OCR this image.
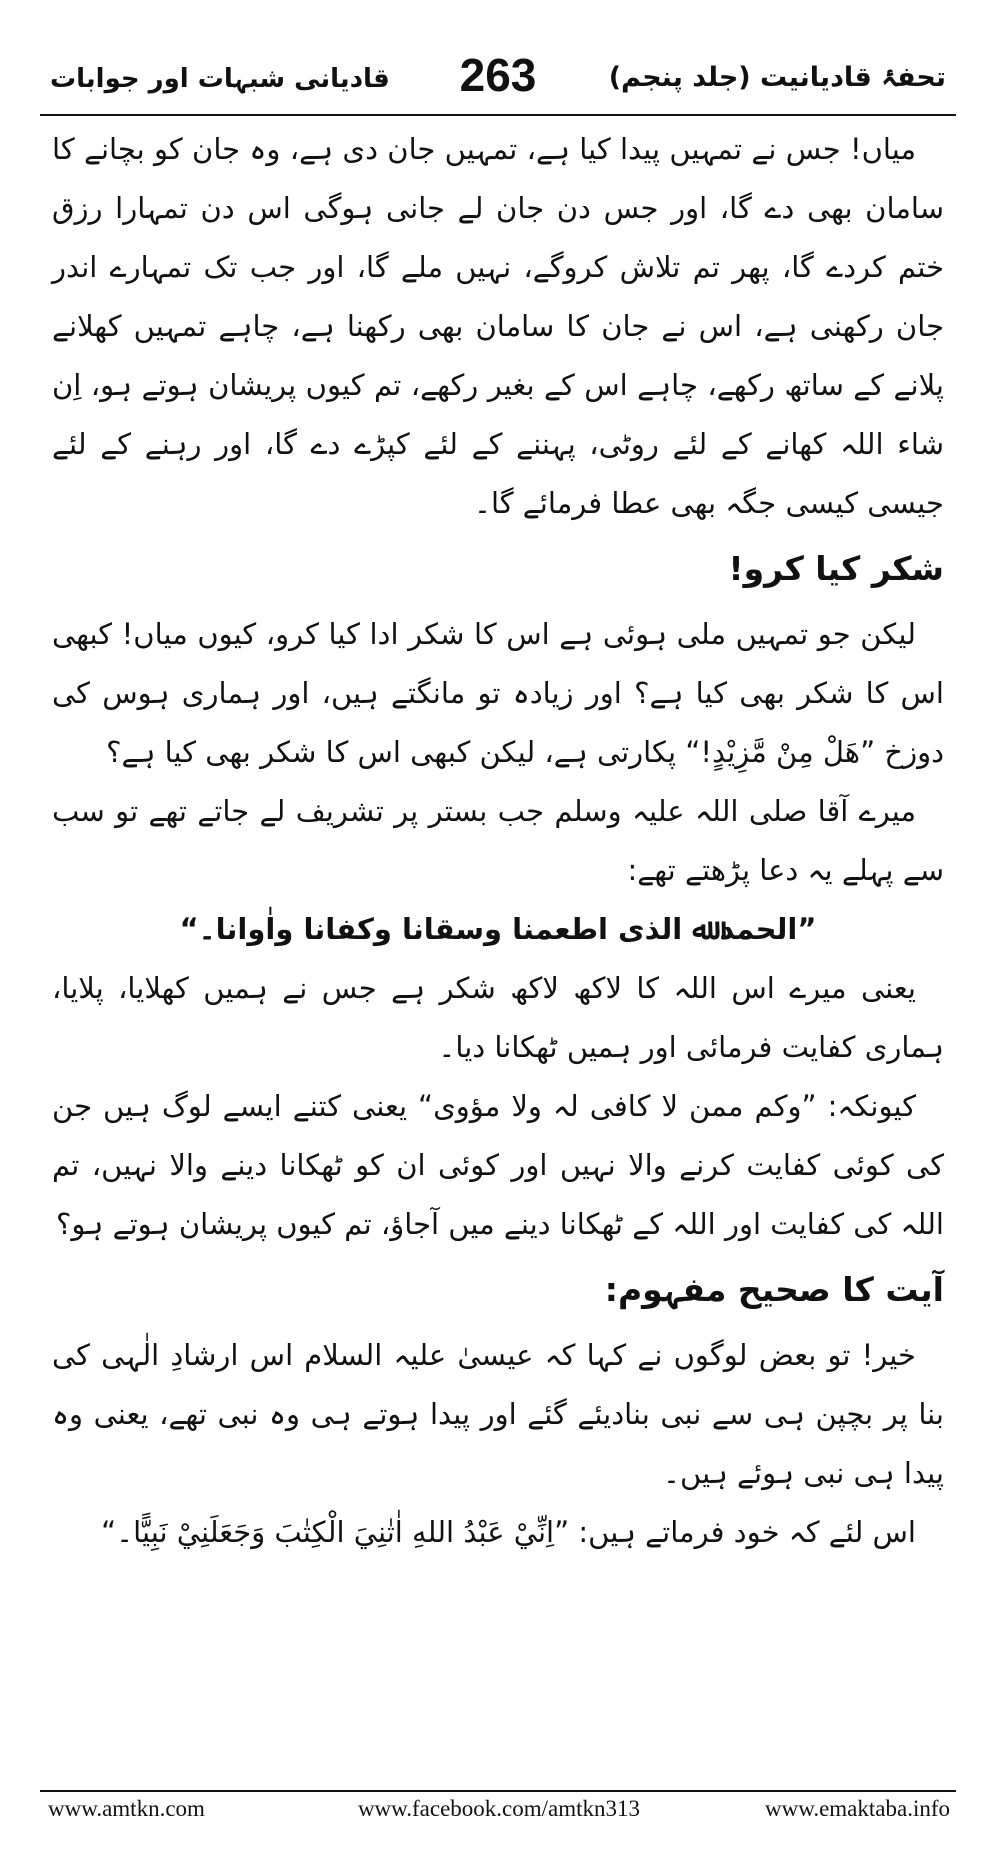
تحفۂ قادیانیت (جلد پنجم)
263
قادیانی شبہات اور جوابات

میاں! جس نے تمہیں پیدا کیا ہے، تمہیں جان دی ہے، وہ جان کو بچانے کا سامان بھی دے گا، اور جس دن جان لے جانی ہوگی اس دن تمہارا رزق ختم کردے گا، پھر تم تلاش کروگے، نہیں ملے گا، اور جب تک تمہارے اندر جان رکھنی ہے، اس نے جان کا سامان بھی رکھنا ہے، چاہے تمہیں کھلانے پلانے کے ساتھ رکھے، چاہے اس کے بغیر رکھے، تم کیوں پریشان ہوتے ہو، اِن شاء اللہ کھانے کے لئے روٹی، پہننے کے لئے کپڑے دے گا، اور رہنے کے لئے جیسی کیسی جگہ بھی عطا فرمائے گا۔

شکر کیا کرو!

لیکن جو تمہیں ملی ہوئی ہے اس کا شکر ادا کیا کرو، کیوں میاں! کبھی اس کا شکر بھی کیا ہے؟ اور زیادہ تو مانگتے ہیں، اور ہماری ہوس کی دوزخ ”هَلْ مِنْ مَّزِيْدٍ!“ پکارتی ہے، لیکن کبھی اس کا شکر بھی کیا ہے؟

میرے آقا صلی اللہ علیہ وسلم جب بستر پر تشریف لے جاتے تھے تو سب سے پہلے یہ دعا پڑھتے تھے:

”الحمد ﷲ الذی اطعمنا وسقانا وکفانا واٰوانا۔“

یعنی میرے اس اللہ کا لاکھ لاکھ شکر ہے جس نے ہمیں کھلایا، پلایا، ہماری کفایت فرمائی اور ہمیں ٹھکانا دیا۔

کیونکہ: ”وکم ممن لا کافی لہ ولا مؤوی“ یعنی کتنے ایسے لوگ ہیں جن کی کوئی کفایت کرنے والا نہیں اور کوئی ان کو ٹھکانا دینے والا نہیں، تم اللہ کی کفایت اور اللہ کے ٹھکانا دینے میں آجاؤ، تم کیوں پریشان ہوتے ہو؟

آیت کا صحیح مفہوم:

خیر! تو بعض لوگوں نے کہا کہ عیسیٰ علیہ السلام اس ارشادِ الٰہی کی بنا پر بچپن ہی سے نبی بنادیئے گئے اور پیدا ہوتے ہی وہ نبی تھے، یعنی وہ پیدا ہی نبی ہوئے ہیں۔

اس لئے کہ خود فرماتے ہیں: ”اِنِّيْ عَبْدُ اللهِ اٰتٰنِيَ الْكِتٰبَ وَجَعَلَنِيْ نَبِيًّا۔“

www.amtkn.com	www.facebook.com/amtkn313	www.emaktaba.info
